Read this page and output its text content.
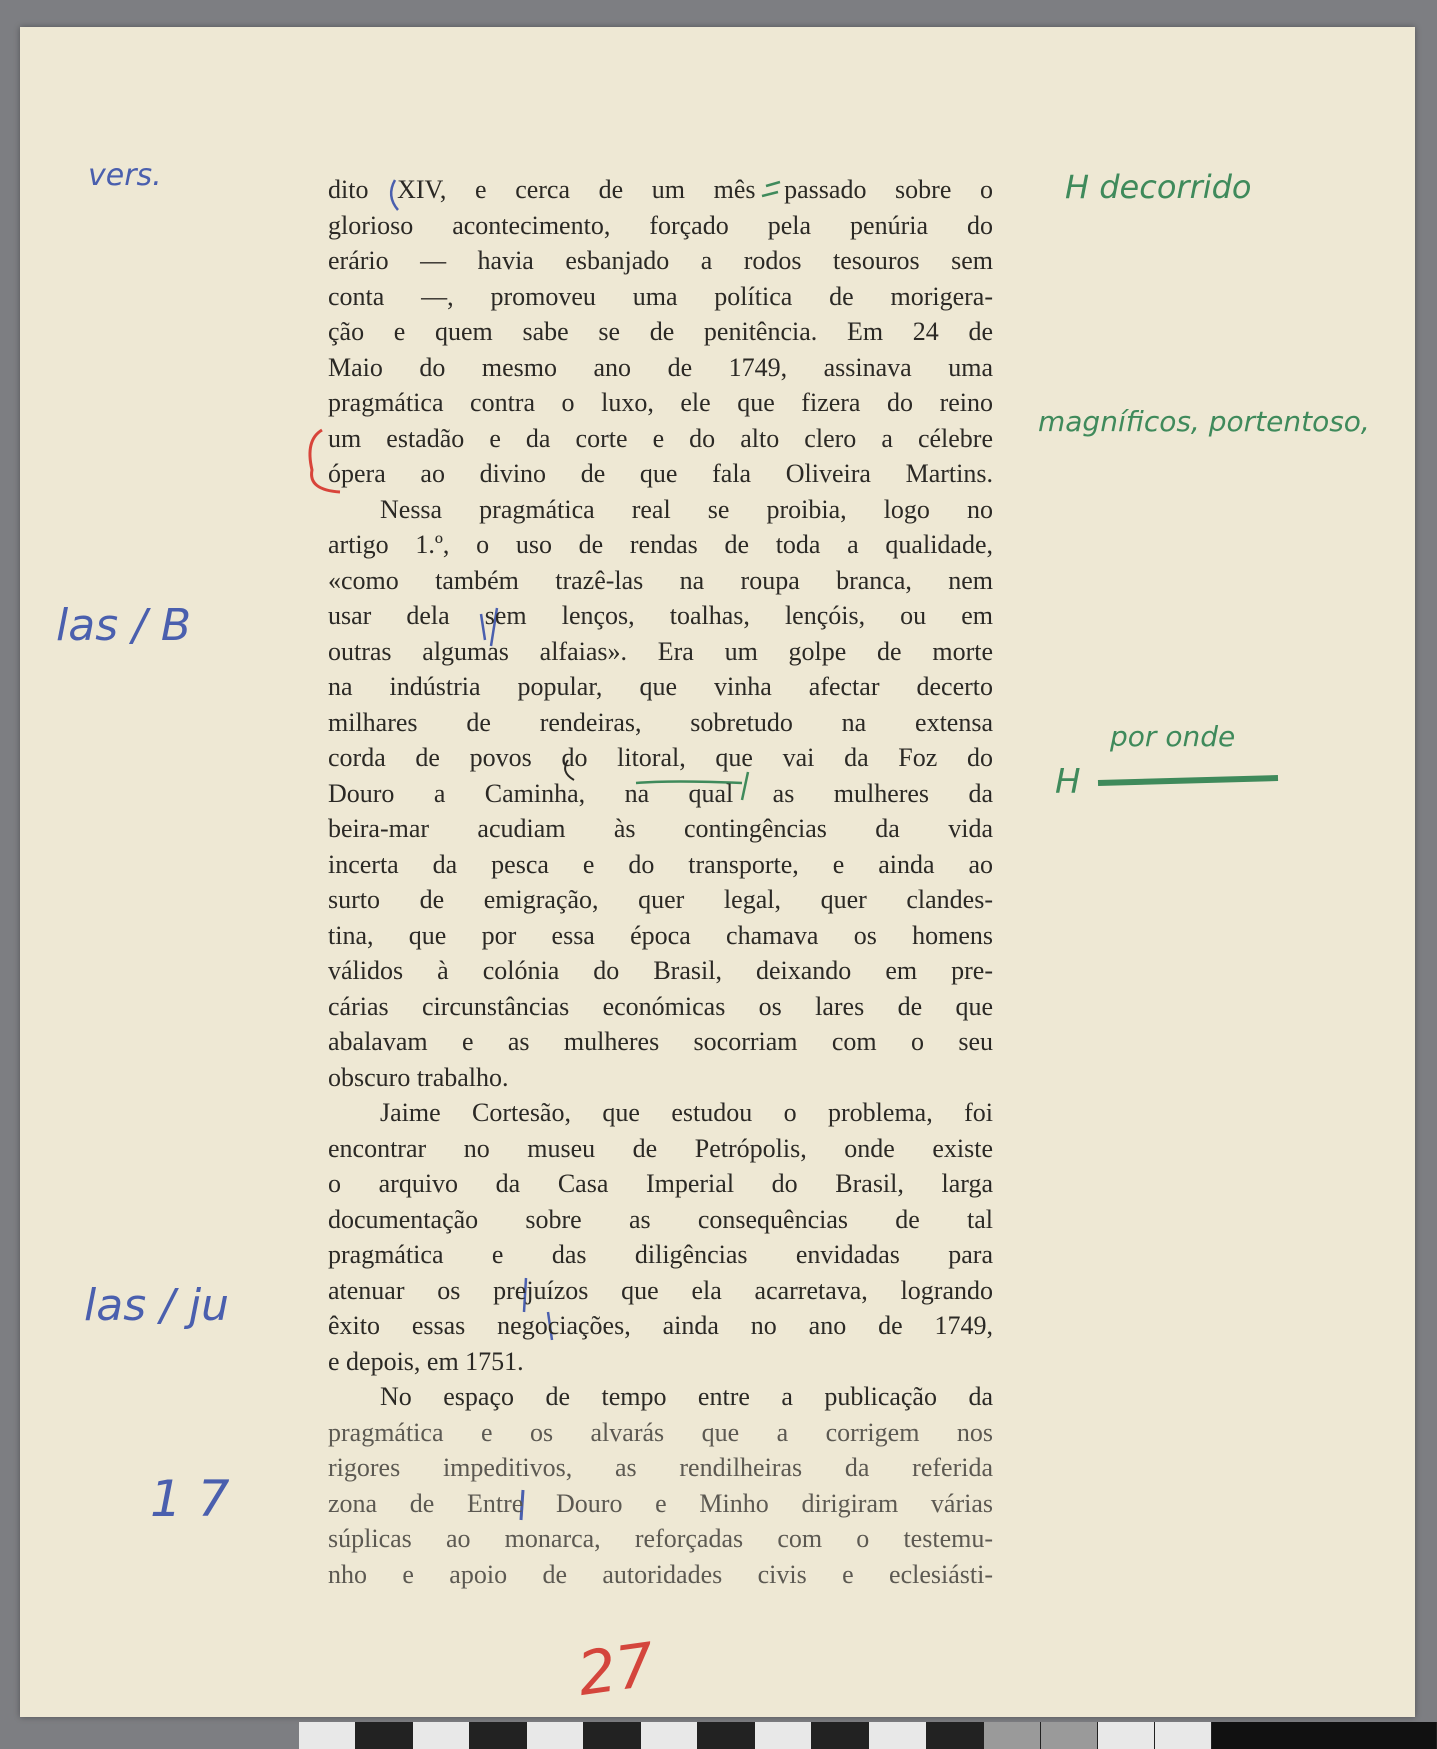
dito XIV, e cerca de um mês passado sobre o
glorioso acontecimento, forçado pela penúria do
erário — havia esbanjado a rodos tesouros sem
conta —, promoveu uma política de morigera-
ção e quem sabe se de penitência. Em 24 de
Maio do mesmo ano de 1749, assinava uma
pragmática contra o luxo, ele que fizera do reino
um estadão e da corte e do alto clero a célebre
ópera ao divino de que fala Oliveira Martins.
Nessa pragmática real se proibia, logo no
artigo 1.º, o uso de rendas de toda a qualidade,
«como também trazê-las na roupa branca, nem
usar dela sem lenços, toalhas, lençóis, ou em
outras algumas alfaias». Era um golpe de morte
na indústria popular, que vinha afectar decerto
milhares de rendeiras, sobretudo na extensa
corda de povos do litoral, que vai da Foz do
Douro a Caminha, na qual as mulheres da
beira-mar acudiam às contingências da vida
incerta da pesca e do transporte, e ainda ao
surto de emigração, quer legal, quer clandes-
tina, que por essa época chamava os homens
válidos à colónia do Brasil, deixando em pre-
cárias circunstâncias económicas os lares de que
abalavam e as mulheres socorriam com o seu
obscuro trabalho.
Jaime Cortesão, que estudou o problema, foi
encontrar no museu de Petrópolis, onde existe
o arquivo da Casa Imperial do Brasil, larga
documentação sobre as consequências de tal
pragmática e das diligências envidadas para
atenuar os prejuízos que ela acarretava, logrando
êxito essas negociações, ainda no ano de 1749,
e depois, em 1751.
No espaço de tempo entre a publicação da
pragmática e os alvarás que a corrigem nos
rigores impeditivos, as rendilheiras da referida
zona de Entre Douro e Minho dirigiram várias
súplicas ao monarca, reforçadas com o testemu-
nho e apoio de autoridades civis e eclesiásti-
vers.
las / B
las / ju
1 7
H decorrido
magníficos, portentoso,
por onde
H
27
